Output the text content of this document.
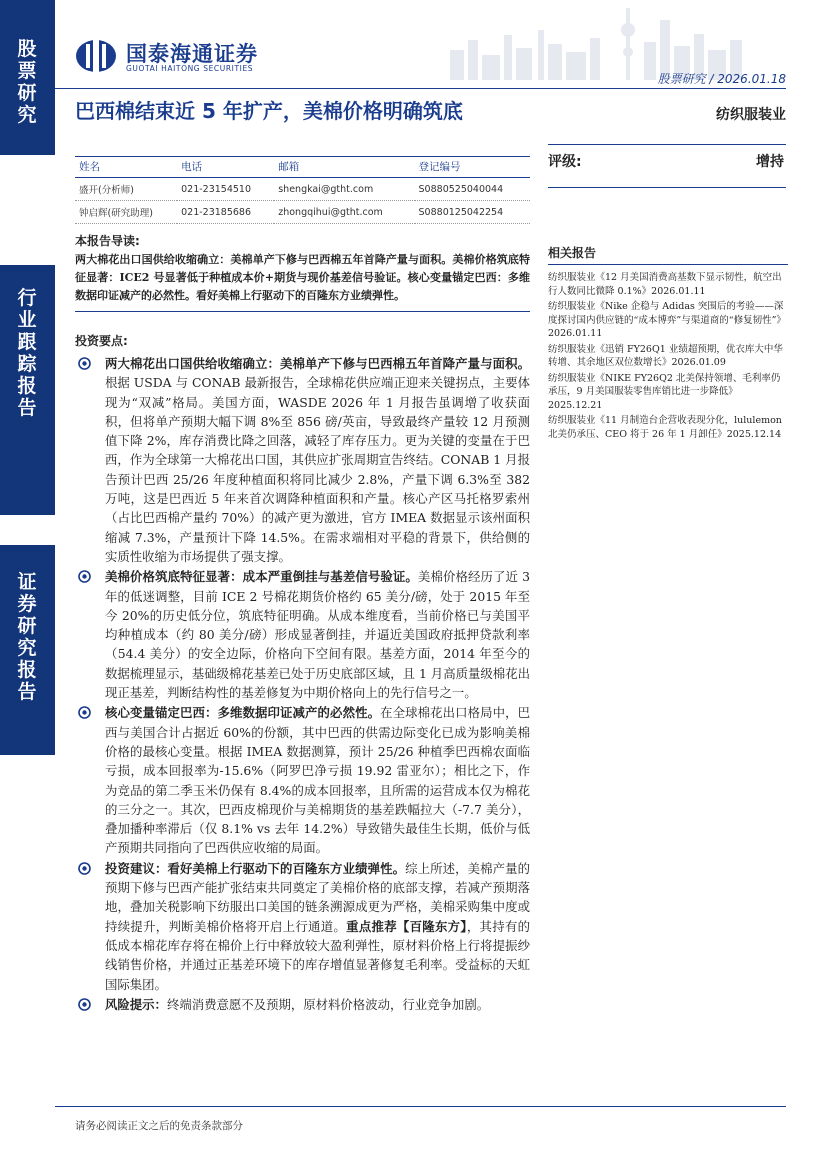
股票研究
行业跟踪报告
证券研究报告
国泰海通证券
GUOTAI HAITONG SECURITIES
股票研究 / 2026.01.18
巴西棉结束近 5 年扩产，美棉价格明确筑底	纺织服装业
姓名	电话	邮箱	登记编号
盛开(分析师)	021-23154510	shengkai@gtht.com	S0880525040044
钟启辉(研究助理)	021-23185686	zhongqihui@gtht.com	S0880125042254
评级:	增持
相关报告
纺织服装业《12 月美国消费高基数下显示韧性，航空出行人数同比微降 0.1%》2026.01.11
纺织服装业《Nike 企稳与 Adidas 突围后的考验——深度探讨国内供应链的“成本博弈”与渠道商的“修复韧性”》2026.01.11
纺织服装业《迅销 FY26Q1 业绩超预期，优衣库大中华转增、其余地区双位数增长》2026.01.09
纺织服装业《NIKE FY26Q2 北美保持领增、毛利率仍承压，9 月美国服装零售库销比进一步降低》2025.12.21
纺织服装业《11 月制造台企营收表现分化，lululemon 北美仍承压、CEO 将于 26 年 1 月卸任》2025.12.14
本报告导读:
两大棉花出口国供给收缩确立：美棉单产下修与巴西棉五年首降产量与面积。美棉价格筑底特征显著：ICE2 号显著低于种植成本价+期货与现价基差信号验证。核心变量锚定巴西：多维数据印证减产的必然性。看好美棉上行驱动下的百隆东方业绩弹性。
投资要点:
两大棉花出口国供给收缩确立：美棉单产下修与巴西棉五年首降产量与面积。根据 USDA 与 CONAB 最新报告，全球棉花供应端正迎来关键拐点，主要体现为“双减”格局。美国方面，WASDE 2026 年 1 月报告虽调增了收获面积，但将单产预期大幅下调 8%至 856 磅/英亩，导致最终产量较 12 月预测值下降 2%，库存消费比降之回落，减轻了库存压力。更为关键的变量在于巴西，作为全球第一大棉花出口国，其供应扩张周期宣告终结。CONAB 1 月报告预计巴西 25/26 年度种植面积将同比减少 2.8%，产量下调 6.3%至 382 万吨，这是巴西近 5 年来首次调降种植面积和产量。核心产区马托格罗索州（占比巴西棉产量约 70%）的减产更为激进，官方 IMEA 数据显示该州面积缩减 7.3%，产量预计下降 14.5%。在需求端相对平稳的背景下，供给侧的实质性收缩为市场提供了强支撑。
美棉价格筑底特征显著：成本严重倒挂与基差信号验证。美棉价格经历了近 3 年的低迷调整，目前 ICE 2 号棉花期货价格约 65 美分/磅，处于 2015 年至今 20%的历史低分位，筑底特征明确。从成本维度看，当前价格已与美国平均种植成本（约 80 美分/磅）形成显著倒挂，并逼近美国政府抵押贷款利率（54.4 美分）的安全边际，价格向下空间有限。基差方面，2014 年至今的数据梳理显示，基础级棉花基差已处于历史底部区域，且 1 月高质量级棉花出现正基差，判断结构性的基差修复为中期价格向上的先行信号之一。
核心变量锚定巴西：多维数据印证减产的必然性。在全球棉花出口格局中，巴西与美国合计占据近 60%的份额，其中巴西的供需边际变化已成为影响美棉价格的最核心变量。根据 IMEA 数据测算，预计 25/26 种植季巴西棉农面临亏损，成本回报率为-15.6%（阿罗巴净亏损 19.92 雷亚尔）；相比之下，作为竞品的第二季玉米仍保有 8.4%的成本回报率，且所需的运营成本仅为棉花的三分之一。其次，巴西皮棉现价与美棉期货的基差跌幅拉大（-7.7 美分），叠加播种率滞后（仅 8.1% vs 去年 14.2%）导致错失最佳生长期，低价与低产预期共同指向了巴西供应收缩的局面。
投资建议：看好美棉上行驱动下的百隆东方业绩弹性。综上所述，美棉产量的预期下修与巴西产能扩张结束共同奠定了美棉价格的底部支撑，若减产预期落地，叠加关税影响下纺服出口美国的链条溯源成更为严格，美棉采购集中度或持续提升，判断美棉价格将开启上行通道。重点推荐【百隆东方】，其持有的低成本棉花库存将在棉价上行中释放较大盈利弹性，原材料价格上行将提振纱线销售价格，并通过正基差环境下的库存增值显著修复毛利率。受益标的天虹国际集团。
风险提示：终端消费意愿不及预期，原材料价格波动，行业竞争加剧。
请务必阅读正文之后的免责条款部分
